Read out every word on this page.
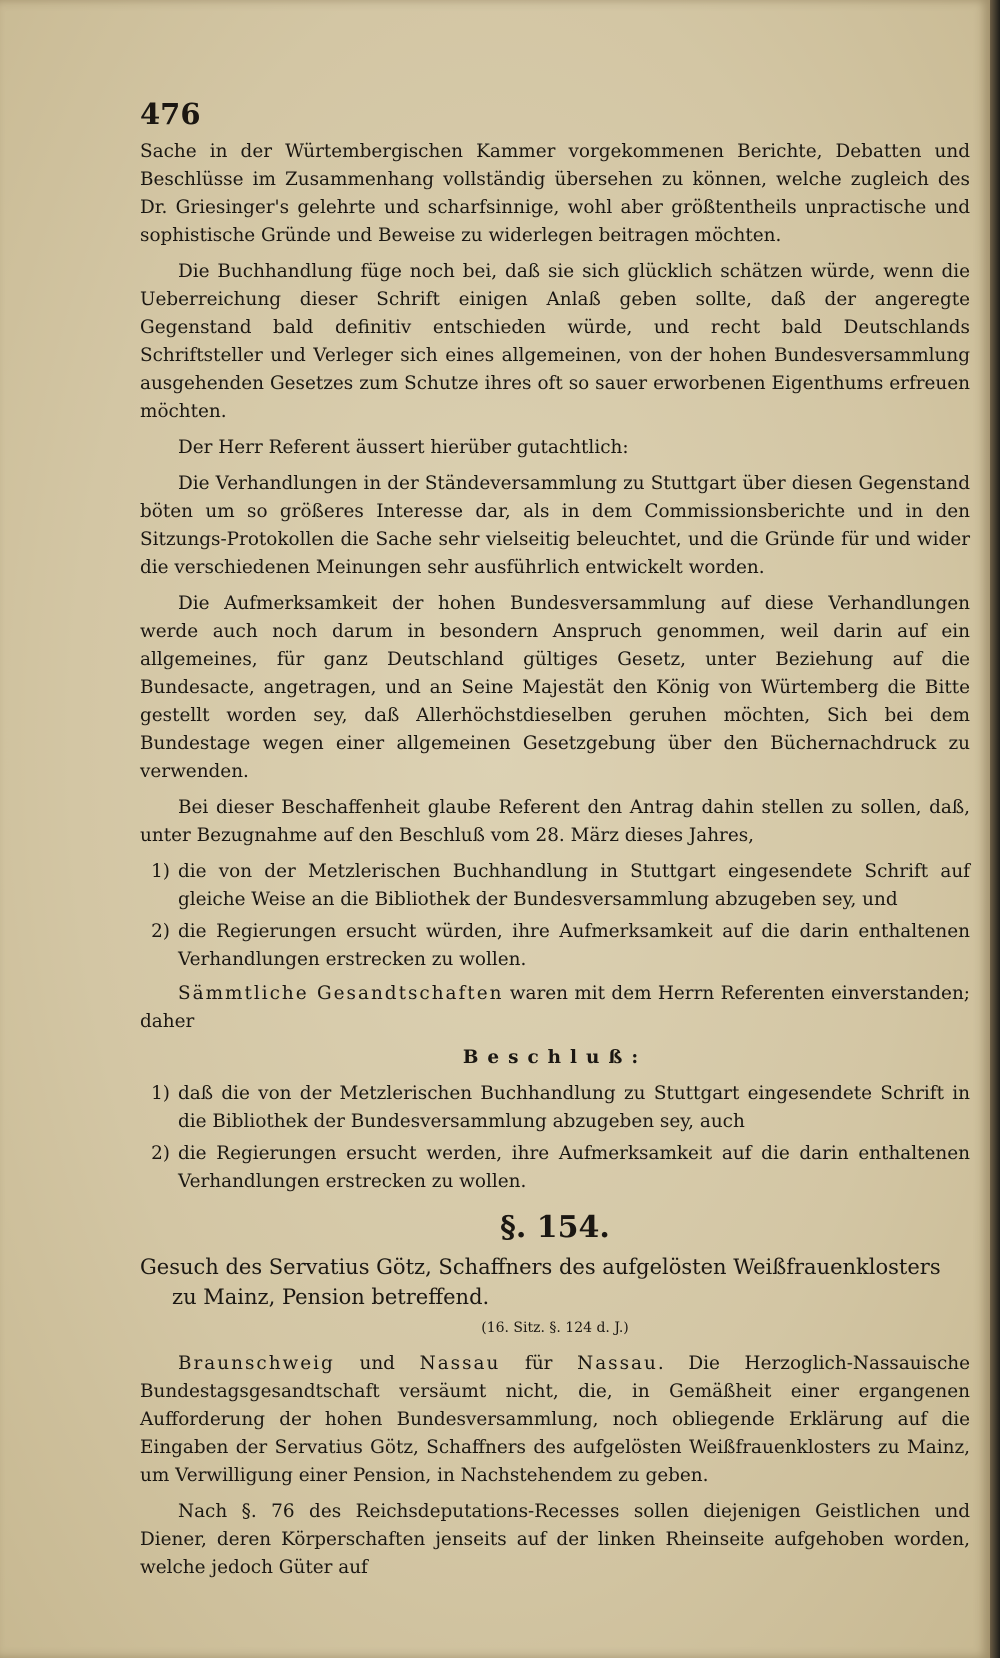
476

Sache in der Würtembergischen Kammer vorgekommenen Berichte, Debatten und Beschlüsse im Zusammenhang vollständig übersehen zu können, welche zugleich des Dr. Griesinger's gelehrte und scharfsinnige, wohl aber größtentheils unpractische und sophistische Gründe und Beweise zu widerlegen beitragen möchten.

Die Buchhandlung füge noch bei, daß sie sich glücklich schätzen würde, wenn die Ueberreichung dieser Schrift einigen Anlaß geben sollte, daß der angeregte Gegenstand bald definitiv entschieden würde, und recht bald Deutschlands Schriftsteller und Verleger sich eines allgemeinen, von der hohen Bundesversammlung ausgehenden Gesetzes zum Schutze ihres oft so sauer erworbenen Eigenthums erfreuen möchten.

Der Herr Referent äussert hierüber gutachtlich:

Die Verhandlungen in der Ständeversammlung zu Stuttgart über diesen Gegenstand böten um so größeres Interesse dar, als in dem Commissionsberichte und in den Sitzungs-Protokollen die Sache sehr vielseitig beleuchtet, und die Gründe für und wider die verschiedenen Meinungen sehr ausführlich entwickelt worden.

Die Aufmerksamkeit der hohen Bundesversammlung auf diese Verhandlungen werde auch noch darum in besondern Anspruch genommen, weil darin auf ein allgemeines, für ganz Deutschland gültiges Gesetz, unter Beziehung auf die Bundesacte, angetragen, und an Seine Majestät den König von Würtemberg die Bitte gestellt worden sey, daß Allerhöchstdieselben geruhen möchten, Sich bei dem Bundestage wegen einer allgemeinen Gesetzgebung über den Büchernachdruck zu verwenden.

Bei dieser Beschaffenheit glaube Referent den Antrag dahin stellen zu sollen, daß, unter Bezugnahme auf den Beschluß vom 28. März dieses Jahres,

1) die von der Metzlerischen Buchhandlung in Stuttgart eingesendete Schrift auf gleiche Weise an die Bibliothek der Bundesversammlung abzugeben sey, und
2) die Regierungen ersucht würden, ihre Aufmerksamkeit auf die darin enthaltenen Verhandlungen erstrecken zu wollen.

Sämmtliche Gesandtschaften waren mit dem Herrn Referenten einverstanden; daher

Beschluß:
1) daß die von der Metzlerischen Buchhandlung zu Stuttgart eingesendete Schrift in die Bibliothek der Bundesversammlung abzugeben sey, auch
2) die Regierungen ersucht werden, ihre Aufmerksamkeit auf die darin enthaltenen Verhandlungen erstrecken zu wollen.
§. 154.
Gesuch des Servatius Götz, Schaffners des aufgelösten Weißfrauenklosters
zu Mainz, Pension betreffend.
(16. Sitz. §. 124 d. J.)

Braunschweig und Nassau für Nassau. Die Herzoglich-Nassauische Bundestagsgesandtschaft versäumt nicht, die, in Gemäßheit einer ergangenen Aufforderung der hohen Bundesversammlung, noch obliegende Erklärung auf die Eingaben der Servatius Götz, Schaffners des aufgelösten Weißfrauenklosters zu Mainz, um Verwilligung einer Pension, in Nachstehendem zu geben.

Nach §. 76 des Reichsdeputations-Recesses sollen diejenigen Geistlichen und Diener, deren Körperschaften jenseits auf der linken Rheinseite aufgehoben worden, welche jedoch Güter auf
